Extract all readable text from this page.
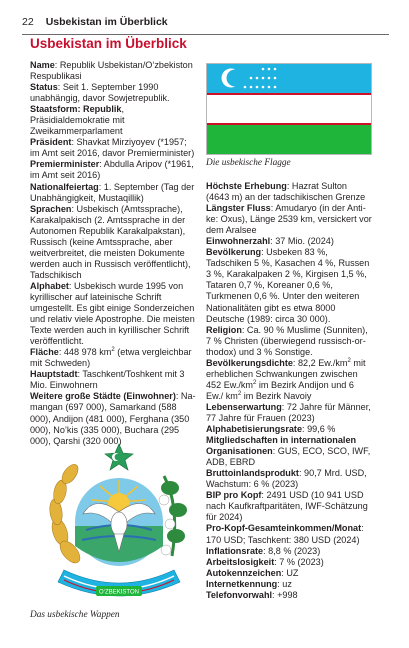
22 Usbekistan im Überblick
Usbekistan im Überblick

Name: Republik Usbekistan/O‘zbekiston Respublikasi

Status: Seit 1. September 1990 unabhängig, davor Sowjetrepublik.

Staatsform: Republik, Präsidialdemokratie mit Zweikammerparlament

Präsident: Shavkat Mirziyoyev (*1957; im Amt seit 2016, davor Premierminister)

Premierminister: Abdulla Aripov (*1961, im Amt seit 2016)

Nationalfeiertag: 1. September (Tag der Unabhängigkeit, Mustaqillik)

Sprachen: Usbekisch (Amtssprache), Karakalpakisch (2. Amtssprache in der Autonomen Republik Karakalpakstan), Russisch (keine Amtssprache, aber weitverbreitet, die meisten Dokumente werden auch in Russisch veröffentlicht), Tadschikisch

Alphabet: Usbekisch wurde 1995 von kyrillischer auf lateinische Schrift umgestellt. Es gibt einige Sonderzeichen und relativ viele Apostrophe. Die meisten Texte werden auch in kyrillischer Schrift veröffentlicht.

Fläche: 448 978 $km^2$ (etwa vergleichbar mit Schweden)

Hauptstadt: Taschkent/Toshkent mit 3 Mio. Einwohnern

Weitere große Städte (Einwohner): Namangan (697 000), Samarkand (588 000), Andijon (481 000), Ferghana (350 000), No’kis (335 000), Buchara (295 000), Qarshi (320 000)

Die usbekische Flagge

Höchste Erhebung: Hazrat Sulton (4643 m) an der tadschikischen Grenze

Längster Fluss: Amudaryo (in der Antike: Oxus), Länge 2539 km, versickert vor dem Aralsee

Einwohnerzahl: 37 Mio. (2024)

Bevölkerung: Usbeken 83 %, Tadschiken 5 %, Kasachen 4 %, Russen 3 %, Karakalpaken 2 %, Kirgisen 1,5 %, Tataren 0,7 %, Koreaner 0,6 %, Turkmenen 0,6 %. Unter den weiteren Nationalitäten gibt es etwa 8000 Deutsche (1989: circa 30 000).

Religion: Ca. 90 % Muslime (Sunniten), 7 % Christen (überwiegend russisch-orthodox) und 3 % Sonstige.

Bevölkerungsdichte: 82,2 $Ew./km^2$ mit erheblichen Schwankungen zwischen 452 $Ew./km^2$ im Bezirk Andijon und 6 Ew./ $km^2$ im Bezirk Navoiy

Lebenserwartung: 72 Jahre für Männer, 77 Jahre für Frauen (2023)

Alphabetisierungsrate: 99,6 %

Mitgliedschaften in internationalen Organisationen: GUS, ECO, SCO, IWF, ADB, EBRD

Bruttoinlandsprodukt: 90,7 Mrd. USD, Wachstum: 6 % (2023)

BIP pro Kopf: 2491 USD (10 941 USD nach Kaufkraftparitäten, IWF-Schätzung für 2024)

Pro-Kopf-Gesamteinkommen/Monat: 170 USD; Taschkent: 380 USD (2024)

Inflationsrate: 8,8 % (2023)

Arbeitslosigkeit: 7 % (2023)

Autokennzeichen: UZ

Internetkennung: uz

Telefonvorwahl: +998

O‘ZBEKISTON
Das usbekische Wappen
